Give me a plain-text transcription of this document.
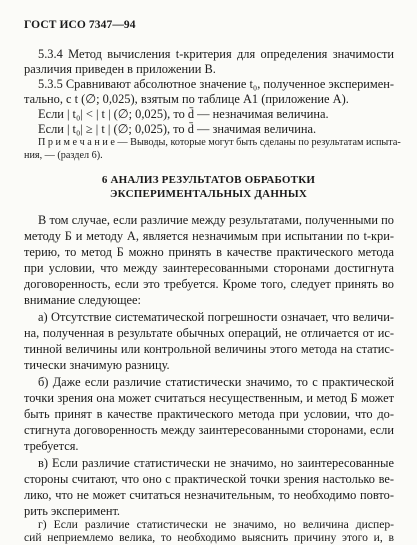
ГОСТ ИСО 7347—94
5.3.4 Метод вычисления t-критерия для определения значимости
различия приведен в приложении В.
5.3.5 Сравнивают абсолютное значение t₀, полученное эксперимен-
тально, с t (∅; 0,025), взятым по таблице А1 (приложение А).
Если | t₀| < | t | (∅; 0,025), то d̄ — незначимая величина.
Если | t₀| ≥ | t | (∅; 0,025), то d̄ — значимая величина.
П р и м е ч а н и е — Выводы, которые могут быть сделаны по результатам испыта-
ния, — (раздел 6).
6 АНАЛИЗ РЕЗУЛЬТАТОВ ОБРАБОТКИ
ЭКСПЕРИМЕНТАЛЬНЫХ ДАННЫХ
В том случае, если различие между результатами, полученными по
методу Б и методу А, является незначимым при испытании по t-кри-
терию, то метод Б можно принять в качестве практического метода
при условии, что между заинтересованными сторонами достигнута
договоренность, если это требуется. Кроме того, следует принять во
внимание следующее:
а) Отсутствие систематической погрешности означает, что величи-
на, полученная в результате обычных операций, не отличается от ис-
тинной величины или контрольной величины этого метода на статис-
тически значимую разницу.
б) Даже если различие статистически значимо, то с практической
точки зрения она может считаться несущественным, и метод Б может
быть принят в качестве практического метода при условии, что до-
стигнута договоренность между заинтересованными сторонами, если
требуется.
в) Если различие статистически не значимо, но заинтересованные
стороны считают, что оно с практической точки зрения настолько ве-
лико, что не может считаться незначительным, то необходимо повто-
рить эксперимент.
г) Если различие статистически не значимо, но величина диспер-
сий неприемлемо велика, то необходимо выяснить причину этого и, в
